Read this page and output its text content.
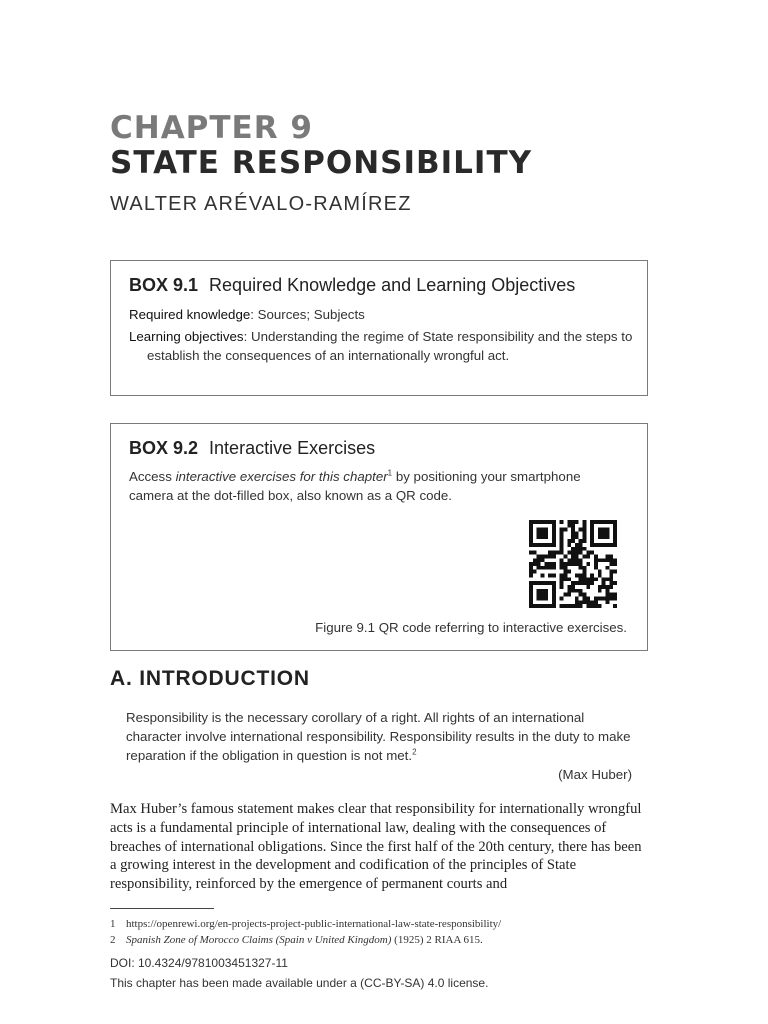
CHAPTER 9
STATE RESPONSIBILITY
WALTER ARÉVALO-RAMÍREZ
BOX 9.1 Required Knowledge and Learning Objectives
Required knowledge: Sources; Subjects
Learning objectives: Understanding the regime of State responsibility and the steps to establish the consequences of an internationally wrongful act.
BOX 9.2 Interactive Exercises
Access interactive exercises for this chapter$^1$ by positioning your smartphone camera at the dot-filled box, also known as a QR code.
Figure 9.1 QR code referring to interactive exercises.
A. INTRODUCTION
Responsibility is the necessary corollary of a right. All rights of an international character involve international responsibility. Responsibility results in the duty to make reparation if the obligation in question is not met.$^2$
(Max Huber)
Max Huber’s famous statement makes clear that responsibility for internationally wrongful acts is a fundamental principle of international law, dealing with the consequences of breaches of international obligations. Since the first half of the 20th century, there has been a growing interest in the development and codification of the principles of State responsibility, reinforced by the emergence of permanent courts and
1 https://openrewi.org/en-projects-project-public-international-law-state-responsibility/
2 Spanish Zone of Morocco Claims (Spain v United Kingdom) (1925) 2 RIAA 615.
DOI: 10.4324/9781003451327-11
This chapter has been made available under a (CC-BY-SA) 4.0 license.
